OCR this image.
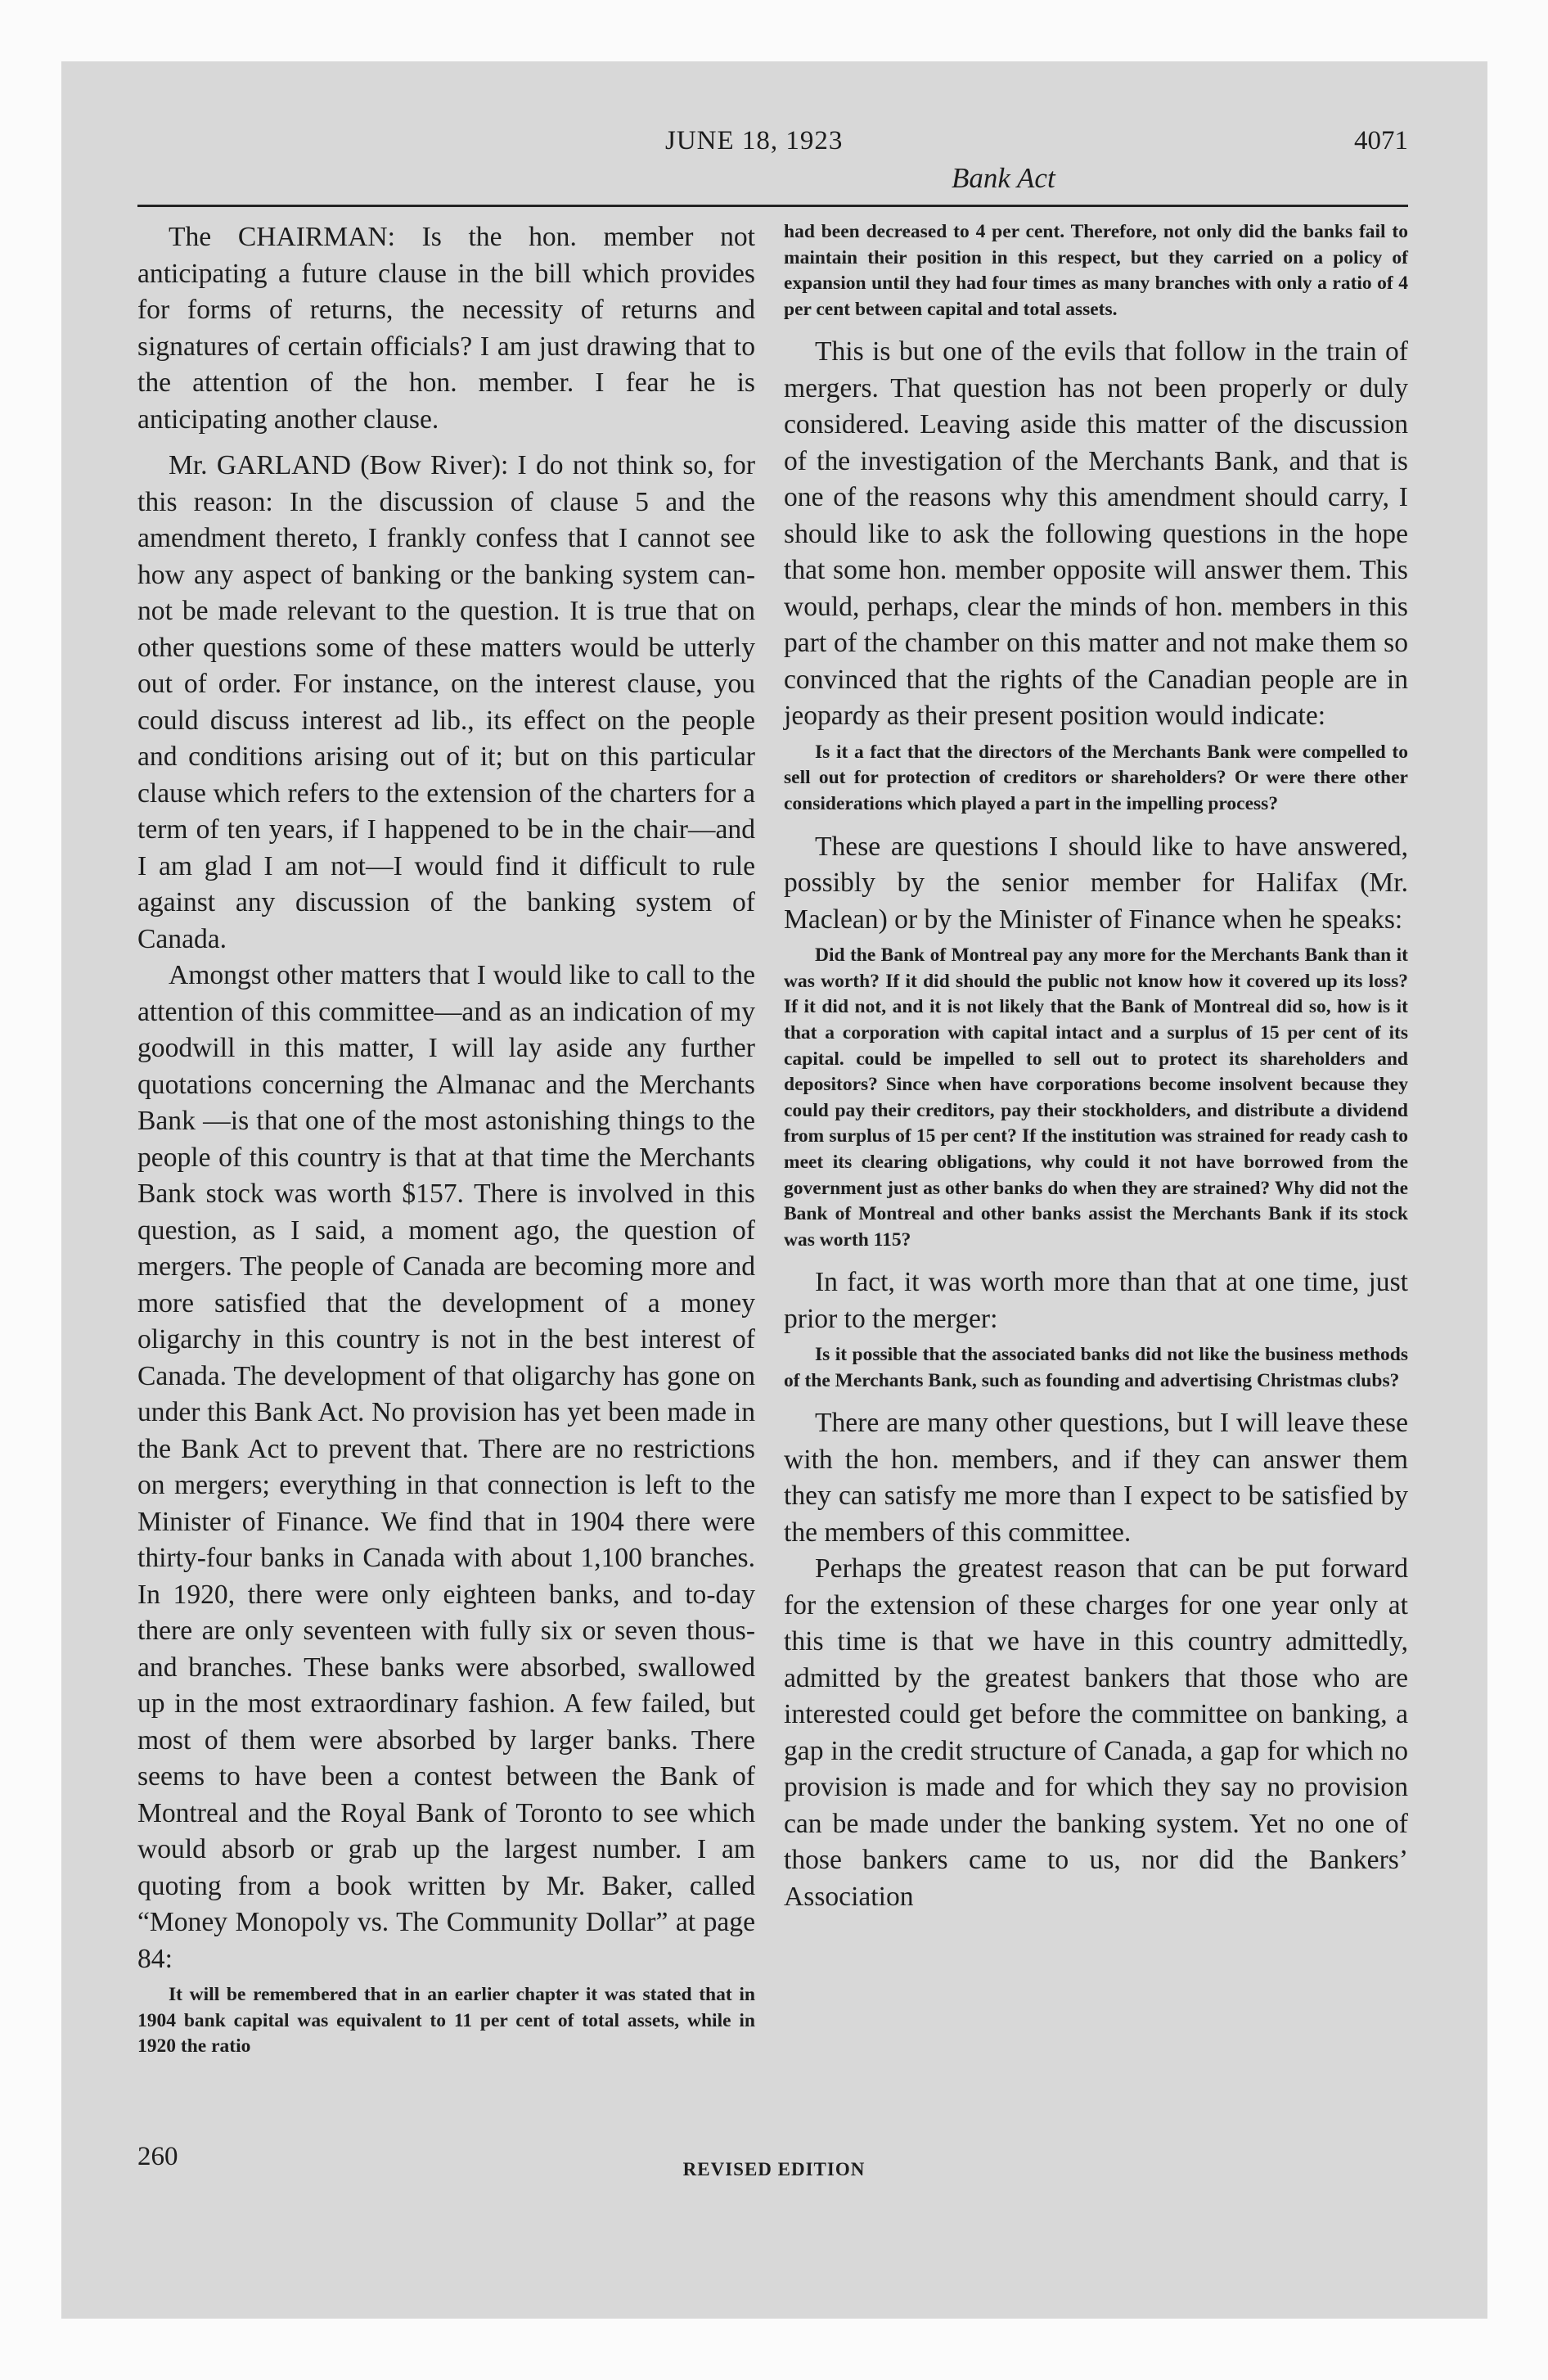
JUNE 18, 1923	4071
Bank Act

The CHAIRMAN: Is the hon. member not anticipating a future clause in the bill which provides for forms of returns, the necessity of returns and signatures of certain officials? I am just drawing that to the attention of the hon. member. I fear he is anticipating another clause.

Mr. GARLAND (Bow River): I do not think so, for this reason: In the discussion of clause 5 and the amendment thereto, I frankly confess that I cannot see how any aspect of banking or the banking system cannot be made relevant to the question. It is true that on other questions some of these matters would be utterly out of order. For instance, on the interest clause, you could discuss interest ad lib., its effect on the people and conditions arising out of it; but on this particular clause which refers to the extension of the charters for a term of ten years, if I happened to be in the chair—and I am glad I am not—I would find it difficult to rule against any discussion of the banking system of Canada.

Amongst other matters that I would like to call to the attention of this committee—and as an indication of my goodwill in this matter, I will lay aside any further quotations concerning the Almanac and the Merchants Bank —is that one of the most astonishing things to the people of this country is that at that time the Merchants Bank stock was worth $157. There is involved in this question, as I said, a moment ago, the question of mergers. The people of Canada are becoming more and more satisfied that the development of a money oligarchy in this country is not in the best interest of Canada. The development of that oligarchy has gone on under this Bank Act. No provision has yet been made in the Bank Act to prevent that. There are no restrictions on mergers; everything in that connection is left to the Minister of Finance. We find that in 1904 there were thirty-four banks in Canada with about 1,100 branches. In 1920, there were only eighteen banks, and to-day there are only seventeen with fully six or seven thousand branches. These banks were absorbed, swallowed up in the most extraordinary fashion. A few failed, but most of them were absorbed by larger banks. There seems to have been a contest between the Bank of Montreal and the Royal Bank of Toronto to see which would absorb or grab up the largest number. I am quoting from a book written by Mr. Baker, called “Money Monopoly vs. The Community Dollar” at page 84:

It will be remembered that in an earlier chapter it was stated that in 1904 bank capital was equivalent to 11 per cent of total assets, while in 1920 the ratio

had been decreased to 4 per cent. Therefore, not only did the banks fail to maintain their position in this respect, but they carried on a policy of expansion until they had four times as many branches with only a ratio of 4 per cent between capital and total assets.

This is but one of the evils that follow in the train of mergers. That question has not been properly or duly considered. Leaving aside this matter of the discussion of the investigation of the Merchants Bank, and that is one of the reasons why this amendment should carry, I should like to ask the following questions in the hope that some hon. member opposite will answer them. This would, perhaps, clear the minds of hon. members in this part of the chamber on this matter and not make them so convinced that the rights of the Canadian people are in jeopardy as their present position would indicate:

Is it a fact that the directors of the Merchants Bank were compelled to sell out for protection of creditors or shareholders? Or were there other considerations which played a part in the impelling process?

These are questions I should like to have answered, possibly by the senior member for Halifax (Mr. Maclean) or by the Minister of Finance when he speaks:

Did the Bank of Montreal pay any more for the Merchants Bank than it was worth? If it did should the public not know how it covered up its loss? If it did not, and it is not likely that the Bank of Montreal did so, how is it that a corporation with capital intact and a surplus of 15 per cent of its capital. could be impelled to sell out to protect its shareholders and depositors? Since when have corporations become insolvent because they could pay their creditors, pay their stockholders, and distribute a dividend from surplus of 15 per cent? If the institution was strained for ready cash to meet its clearing obligations, why could it not have borrowed from the government just as other banks do when they are strained? Why did not the Bank of Montreal and other banks assist the Merchants Bank if its stock was worth 115?

In fact, it was worth more than that at one time, just prior to the merger:

Is it possible that the associated banks did not like the business methods of the Merchants Bank, such as founding and advertising Christmas clubs?

There are many other questions, but I will leave these with the hon. members, and if they can answer them they can satisfy me more than I expect to be satisfied by the members of this committee.

Perhaps the greatest reason that can be put forward for the extension of these charges for one year only at this time is that we have in this country admittedly, admitted by the greatest bankers that those who are interested could get before the committee on banking, a gap in the credit structure of Canada, a gap for which no provision is made and for which they say no provision can be made under the banking system. Yet no one of those bankers came to us, nor did the Bankers’ Association

260	REVISED EDITION
